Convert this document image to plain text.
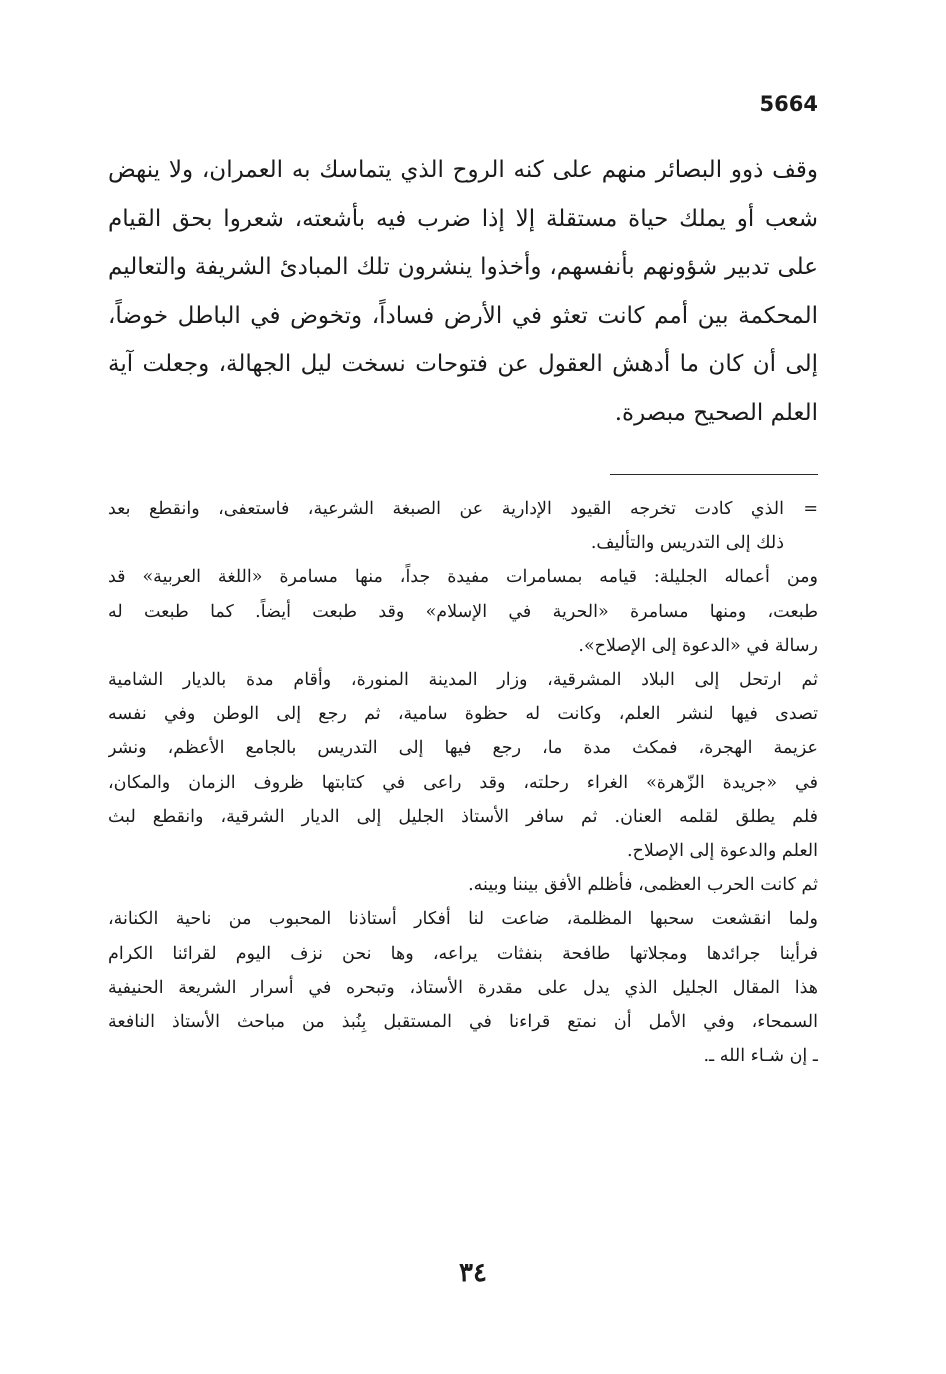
5664
وقف ذوو البصائر منهم على كنه الروح الذي يتماسك به العمران، ولا ينهض
شعب أو يملك حياة مستقلة إلا إذا ضرب فيه بأشعته، شعروا بحق القيام
على تدبير شؤونهم بأنفسهم، وأخذوا ينشرون تلك المبادئ الشريفة والتعاليم
المحكمة بين أمم كانت تعثو في الأرض فساداً، وتخوض في الباطل خوضاً،
إلى أن كان ما أدهش العقول عن فتوحات نسخت ليل الجهالة، وجعلت آية
العلم الصحيح مبصرة.
=
الذي كادت تخرجه القيود الإدارية عن الصبغة الشرعية، فاستعفى، وانقطع بعد
ذلك إلى التدريس والتأليف.
ومن أعماله الجليلة: قيامه بمسامرات مفيدة جداً، منها مسامرة «اللغة العربية» قد
طبعت، ومنها مسامرة «الحرية في الإسلام» وقد طبعت أيضاً. كما طبعت له
رسالة في «الدعوة إلى الإصلاح».
ثم ارتحل إلى البلاد المشرقية، وزار المدينة المنورة، وأقام مدة بالديار الشامية
تصدى فيها لنشر العلم، وكانت له حظوة سامية، ثم رجع إلى الوطن وفي نفسه
عزيمة الهجرة، فمكث مدة ما، رجع فيها إلى التدريس بالجامع الأعظم، ونشر
في «جريدة الزّهرة» الغراء رحلته، وقد راعى في كتابتها ظروف الزمان والمكان،
فلم يطلق لقلمه العنان. ثم سافر الأستاذ الجليل إلى الديار الشرقية، وانقطع لبث
العلم والدعوة إلى الإصلاح.
ثم كانت الحرب العظمى، فأظلم الأفق بيننا وبينه.
ولما انقشعت سحبها المظلمة، ضاعت لنا أفكار أستاذنا المحبوب من ناحية الكنانة،
فرأينا جرائدها ومجلاتها طافحة بنفثات يراعه، وها نحن نزف اليوم لقرائنا الكرام
هذا المقال الجليل الذي يدل على مقدرة الأستاذ، وتبحره في أسرار الشريعة الحنيفية
السمحاء، وفي الأمل أن نمتع قراءنا في المستقبل بِنُبذ من مباحث الأستاذ النافعة
ـ إن شـاء الله ـ.
٣٤
